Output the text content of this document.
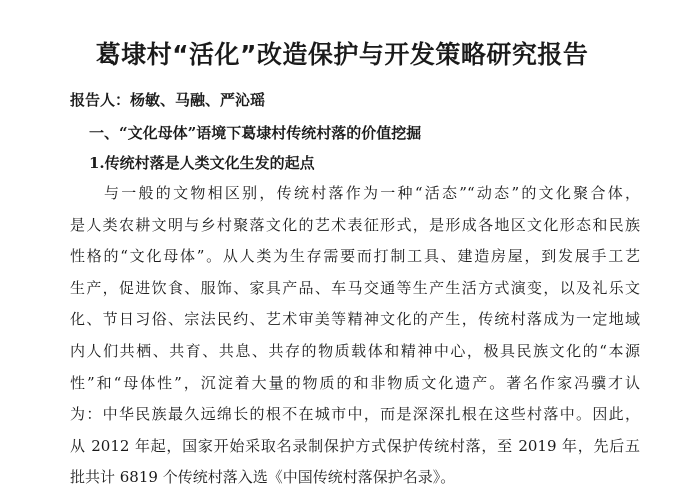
葛埭村“活化”改造保护与开发策略研究报告
报告人：杨敏、马融、严沁瑶
一、“文化母体”语境下葛埭村传统村落的价值挖掘
1.传统村落是人类文化生发的起点
与一般的文物相区别，传统村落作为一种“活态”“动态”的文化聚合体，
是人类农耕文明与乡村聚落文化的艺术表征形式，是形成各地区文化形态和民族
性格的“文化母体”。从人类为生存需要而打制工具、建造房屋，到发展手工艺
生产，促进饮食、服饰、家具产品、车马交通等生产生活方式演变，以及礼乐文
化、节日习俗、宗法民约、艺术审美等精神文化的产生，传统村落成为一定地域
内人们共栖、共育、共息、共存的物质载体和精神中心，极具民族文化的“本源
性”和“母体性”，沉淀着大量的物质的和非物质文化遗产。著名作家冯骥才认
为：中华民族最久远绵长的根不在城市中，而是深深扎根在这些村落中。因此，
从 2012 年起，国家开始采取名录制保护方式保护传统村落，至 2019 年，先后五
批共计 6819 个传统村落入选《中国传统村落保护名录》。
